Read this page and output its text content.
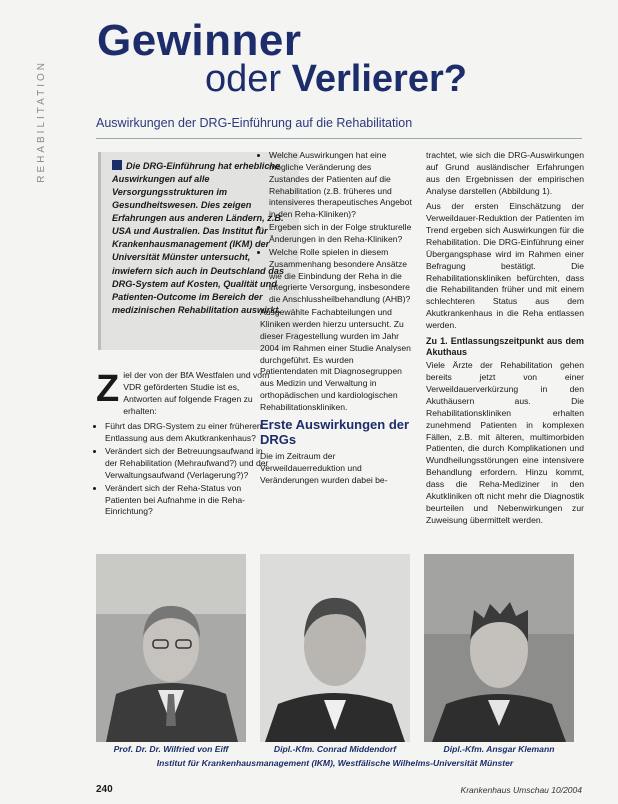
REHABILITATION
Gewinner
oder Verlierer?
Auswirkungen der DRG-Einführung auf die Rehabilitation
Die DRG-Einführung hat erhebliche Auswirkungen auf alle Versorgungsstrukturen im Gesundheitswesen. Dies zeigen Erfahrungen aus anderen Ländern, z.B. USA und Australien. Das Institut für Krankenhausmanagement (IKM) der Universität Münster untersucht, inwiefern sich auch in Deutschland das DRG-System auf Kosten, Qualität und Patienten-Outcome im Bereich der medizinischen Rehabilitation auswirkt.

Ziel der von der BfA Westfalen und vom VDR geförderten Studie ist es, Antworten auf folgende Fragen zu erhalten:

• Führt das DRG-System zu einer früheren Entlassung aus dem Akutkrankenhaus?
• Verändert sich der Betreuungsaufwand in der Rehabilitation (Mehraufwand?) und der Verwaltungsaufwand (Verlagerung?)?
• Verändert sich der Reha-Status von Patienten bei Aufnahme in die Reha-Einrichtung?
• Welche Auswirkungen hat eine mögliche Veränderung des Zustandes der Patienten auf die Rehabilitation (z.B. früheres und intensiveres therapeutisches Angebot in den Reha-Kliniken)?
• Ergeben sich in der Folge strukturelle Änderungen in den Reha-Kliniken?
• Welche Rolle spielen in diesem Zusammenhang besondere Ansätze wie die Einbindung der Reha in die integrierte Versorgung, insbesondere die Anschlussheilbehandlung (AHB)?

Ausgewählte Fachabteilungen und Kliniken werden hierzu untersucht. Zu dieser Fragestellung wurden im Jahr 2004 im Rahmen einer Studie Analysen durchgeführt. Es wurden Patientendaten mit Diagnosegruppen aus Medizin und Verwaltung in orthopädischen und kardiologischen Rehabilitationskliniken.

Erste Auswirkungen der DRGs

Die im Zeitraum der Verweildauerreduktion und Veränderungen wurden dabei be-

trachtet, wie sich die DRG-Auswirkungen auf Grund ausländischer Erfahrungen aus den Ergebnissen der empirischen Analyse darstellen (Abbildung 1).

Aus der ersten Einschätzung der Verweildauer-Reduktion der Patienten im Trend ergeben sich Auswirkungen für die Rehabilitation. Die DRG-Einführung einer Übergangsphase wird im Rahmen einer Befragung bestätigt. Die Rehabilitationskliniken befürchten, dass die Rehabilitanden früher und mit einem schlechteren Status aus dem Akutkrankenhaus in die Reha entlassen werden.

Zu 1. Entlassungszeitpunkt aus dem Akuthaus

Viele Ärzte der Rehabilitation gehen bereits jetzt von einer Verweildauerverkürzung in den Akuthäusern aus. Die Rehabilitationskliniken erhalten zunehmend Patienten in komplexen Fällen, z.B. mit älteren, multimorbiden Patienten, die durch Komplikationen und Wundheilungsstörungen eine intensivere Behandlung erfordern. Hinzu kommt, dass die Reha-Mediziner in den Akutkliniken oft nicht mehr die Diagnostik beurteilen und Nebenwirkungen zur Zuweisung übermittelt werden.

Prof. Dr. Dr. Wilfried von Eiff	Dipl.-Kfm. Conrad Middendorf	Dipl.-Kfm. Ansgar Klemann
Institut für Krankenhausmanagement (IKM), Westfälische Wilhelms-Universität Münster
240	Krankenhaus Umschau 10/2004
